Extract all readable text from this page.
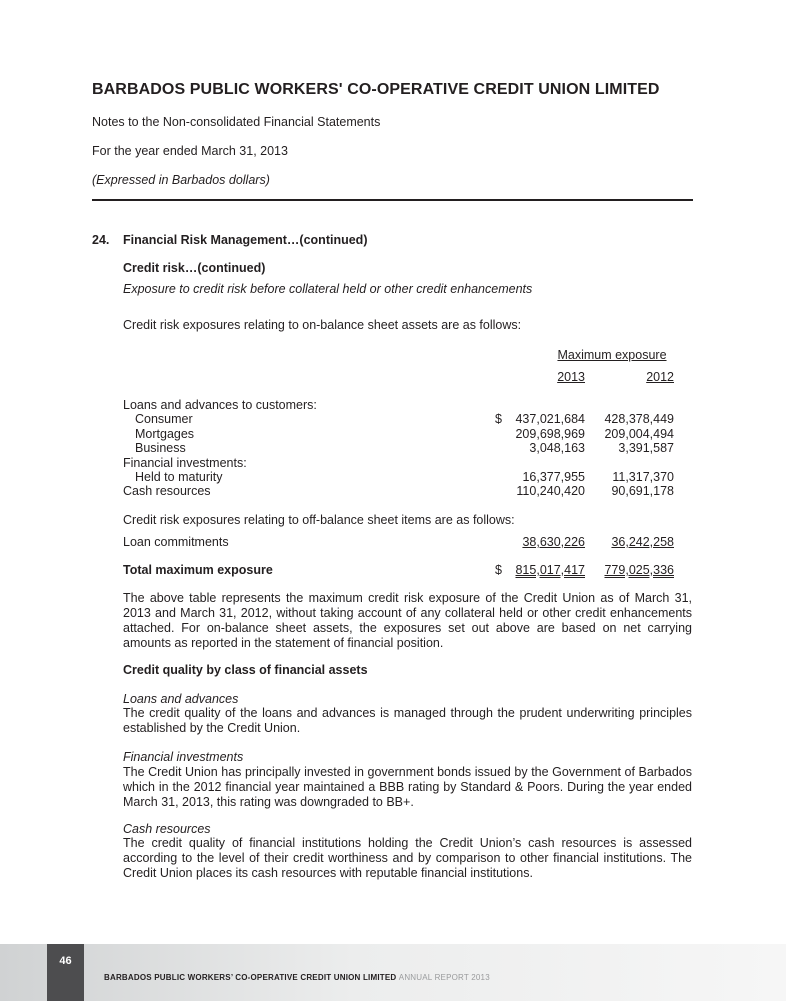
BARBADOS PUBLIC WORKERS' CO-OPERATIVE CREDIT UNION LIMITED
Notes to the Non-consolidated Financial Statements
For the year ended March 31, 2013
(Expressed in Barbados dollars)
24. Financial Risk Management…(continued)
Credit risk…(continued)
Exposure to credit risk before collateral held or other credit enhancements
Credit risk exposures relating to on-balance sheet assets are as follows:
Maximum exposure
2013	2012
Loans and advances to customers:
Consumer	$ 437,021,684 428,378,449
Mortgages	209,698,969 209,004,494
Business	3,048,163	3,391,587
Financial investments:
Held to maturity	16,377,955 11,317,370
Cash resources	110,240,420 90,691,178
Credit risk exposures relating to off-balance sheet items are as follows:
Loan commitments	38,630,226 36,242,258
Total maximum exposure	$ 815,017,417 779,025,336
The above table represents the maximum credit risk exposure of the Credit Union as of March 31, 2013 and March 31, 2012, without taking account of any collateral held or other credit enhancements attached. For on-balance sheet assets, the exposures set out above are based on net carrying amounts as reported in the statement of financial position.
Credit quality by class of financial assets
Loans and advances
The credit quality of the loans and advances is managed through the prudent underwriting principles established by the Credit Union.
Financial investments
The Credit Union has principally invested in government bonds issued by the Government of Barbados which in the 2012 financial year maintained a BBB rating by Standard & Poors. During the year ended March 31, 2013, this rating was downgraded to BB+.
Cash resources
The credit quality of financial institutions holding the Credit Union’s cash resources is assessed according to the level of their credit worthiness and by comparison to other financial institutions. The Credit Union places its cash resources with reputable financial institutions.
46
BARBADOS PUBLIC WORKERS’ CO-OPERATIVE CREDIT UNION LIMITED ANNUAL REPORT 2013
